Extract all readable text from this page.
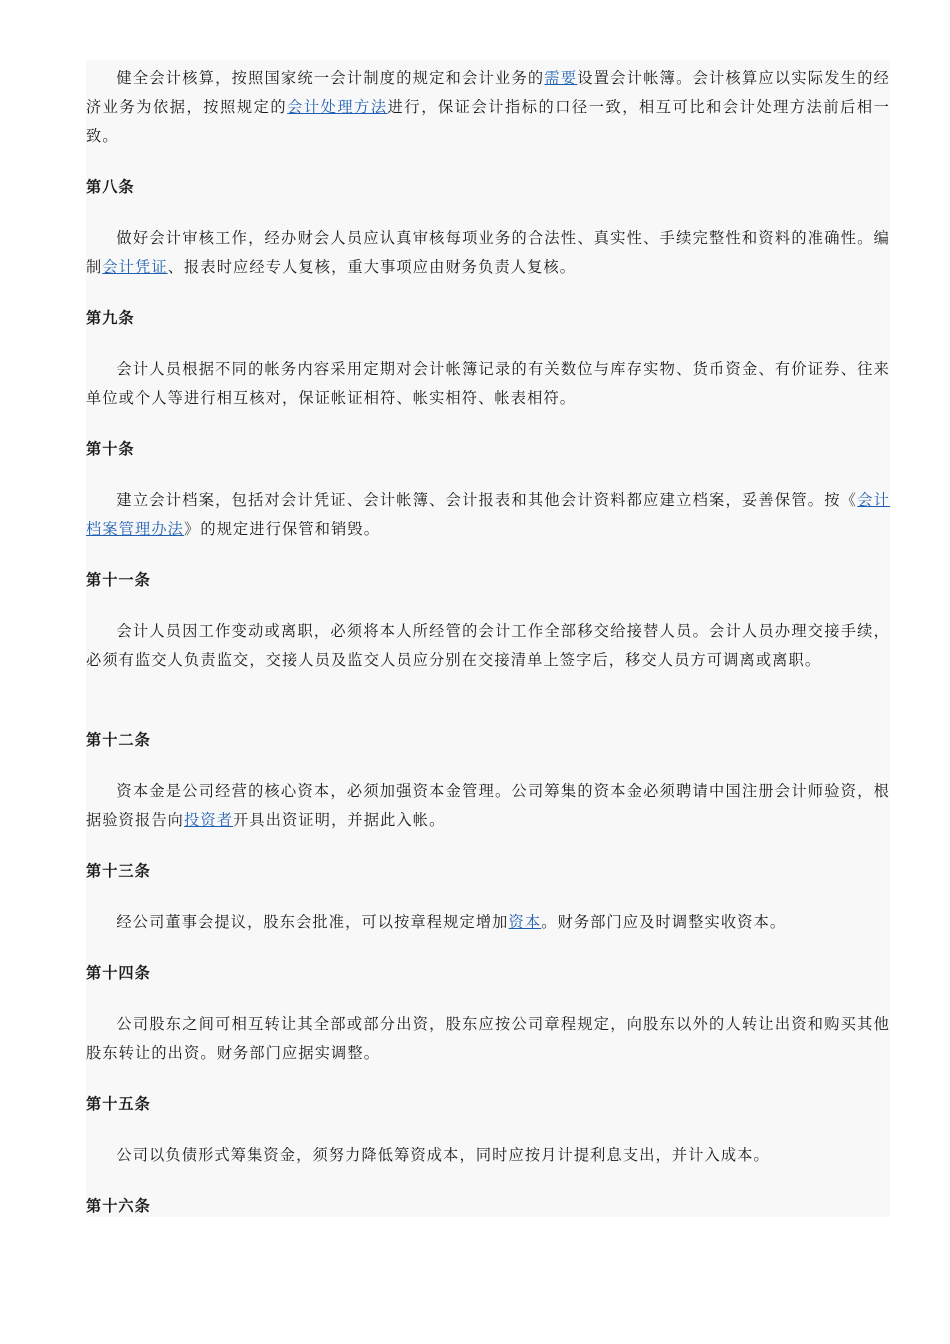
健全会计核算，按照国家统一会计制度的规定和会计业务的需要设置会计帐簿。会计核算应以实际发生的经济业务为依据，按照规定的会计处理方法进行，保证会计指标的口径一致，相互可比和会计处理方法前后相一致。

第八条

做好会计审核工作，经办财会人员应认真审核每项业务的合法性、真实性、手续完整性和资料的准确性。编制会计凭证、报表时应经专人复核，重大事项应由财务负责人复核。

第九条

会计人员根据不同的帐务内容采用定期对会计帐簿记录的有关数位与库存实物、货币资金、有价证券、往来单位或个人等进行相互核对，保证帐证相符、帐实相符、帐表相符。

第十条

建立会计档案，包括对会计凭证、会计帐簿、会计报表和其他会计资料都应建立档案，妥善保管。按《会计档案管理办法》的规定进行保管和销毁。

第十一条

会计人员因工作变动或离职，必须将本人所经管的会计工作全部移交给接替人员。会计人员办理交接手续，必须有监交人负责监交，交接人员及监交人员应分别在交接清单上签字后，移交人员方可调离或离职。

第十二条

资本金是公司经营的核心资本，必须加强资本金管理。公司筹集的资本金必须聘请中国注册会计师验资，根据验资报告向投资者开具出资证明，并据此入帐。

第十三条

经公司董事会提议，股东会批准，可以按章程规定增加资本。财务部门应及时调整实收资本。

第十四条

公司股东之间可相互转让其全部或部分出资，股东应按公司章程规定，向股东以外的人转让出资和购买其他股东转让的出资。财务部门应据实调整。

第十五条

公司以负债形式筹集资金，须努力降低筹资成本，同时应按月计提利息支出，并计入成本。

第十六条
